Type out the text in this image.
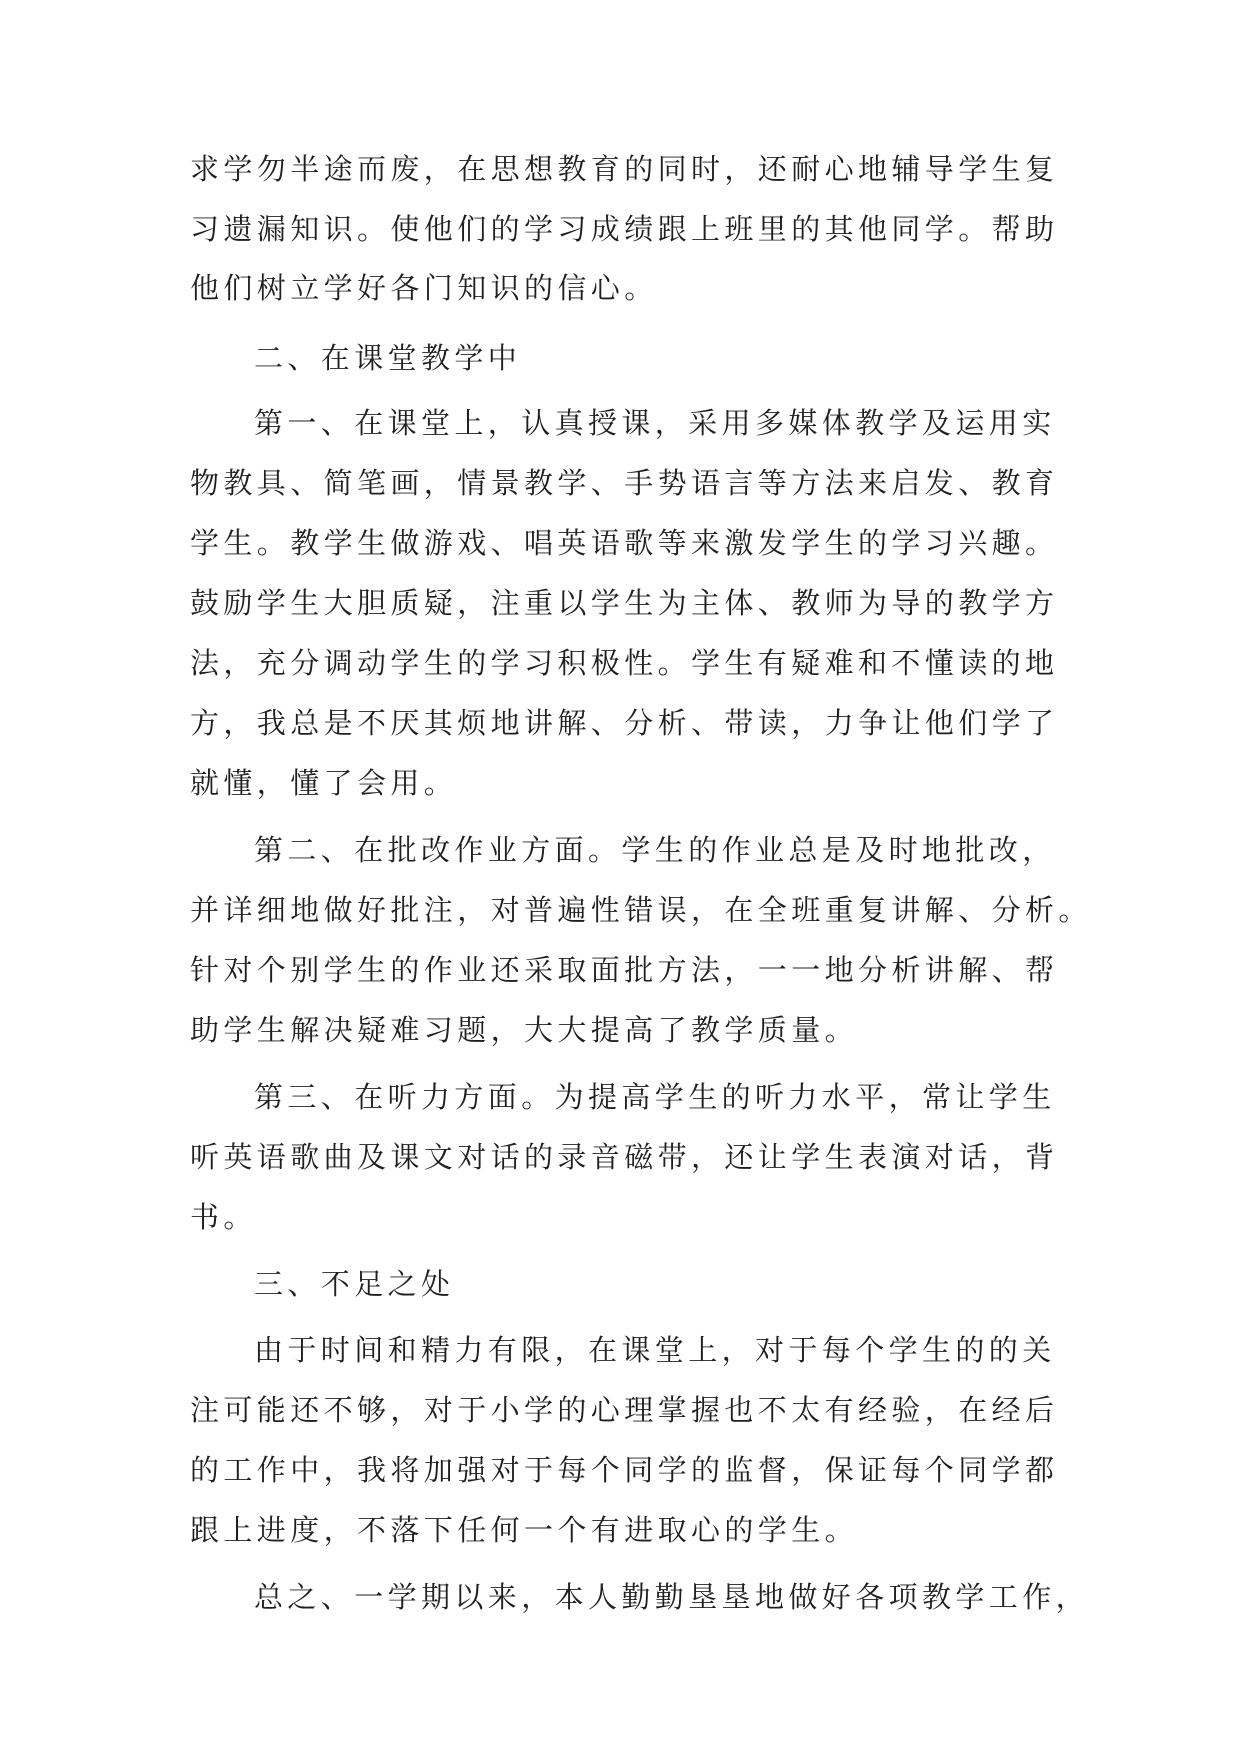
求学勿半途而废，在思想教育的同时，还耐心地辅导学生复

习遗漏知识。使他们的学习成绩跟上班里的其他同学。帮助

他们树立学好各门知识的信心。

二、在课堂教学中

第一、在课堂上，认真授课，采用多媒体教学及运用实

物教具、简笔画，情景教学、手势语言等方法来启发、教育

学生。教学生做游戏、唱英语歌等来激发学生的学习兴趣。

鼓励学生大胆质疑，注重以学生为主体、教师为导的教学方

法，充分调动学生的学习积极性。学生有疑难和不懂读的地

方，我总是不厌其烦地讲解、分析、带读，力争让他们学了

就懂，懂了会用。

第二、在批改作业方面。学生的作业总是及时地批改，

并详细地做好批注，对普遍性错误，在全班重复讲解、分析。

针对个别学生的作业还采取面批方法，一一地分析讲解、帮

助学生解决疑难习题，大大提高了教学质量。

第三、在听力方面。为提高学生的听力水平，常让学生

听英语歌曲及课文对话的录音磁带，还让学生表演对话，背

书。

三、不足之处

由于时间和精力有限，在课堂上，对于每个学生的的关

注可能还不够，对于小学的心理掌握也不太有经验，在经后

的工作中，我将加强对于每个同学的监督，保证每个同学都

跟上进度，不落下任何一个有进取心的学生。

总之、一学期以来，本人勤勤垦垦地做好各项教学工作，
